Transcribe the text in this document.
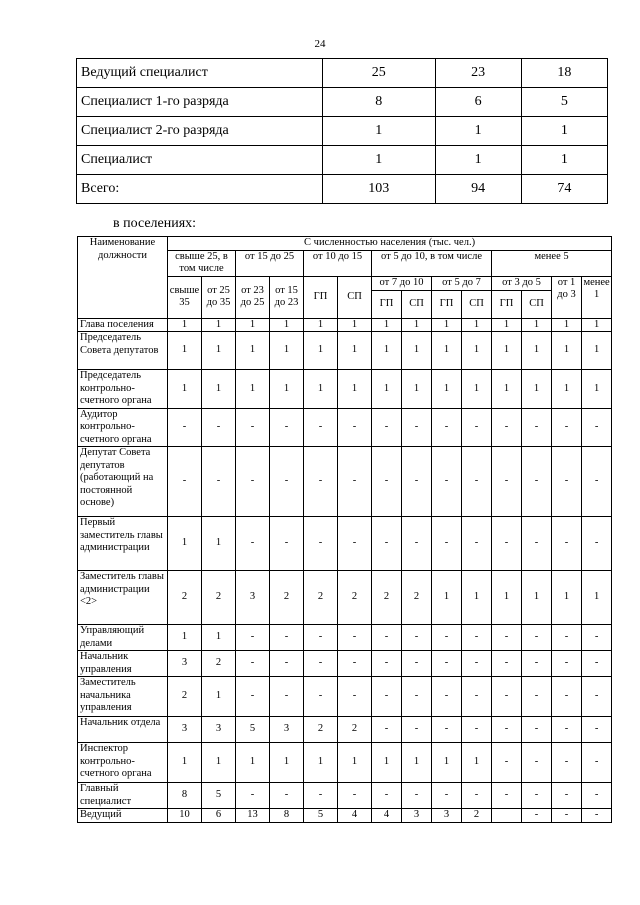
24
Ведущий специалист	25	23	18
Специалист 1-го разряда	8	6	5
Специалист 2-го разряда	1	1	1
Специалист	1	1	1
Всего:	103	94	74
в поселениях:
Наименование должности	С численностью населения (тыс. чел.)													
	свыше 25, в том числе		от 15 до 25		от 10 до 15		от 5 до 10, в том числе				менее 5			
	свыше 35	от 25 до 35	от 23 до 25	от 15 до 23	ГП	СП	от 7 до 10		от 5 до 7		от 3 до 5		от 1 до 3	менее 1
							ГП	СП	ГП	СП	ГП	СП		
Глава поселения	1	1	1	1	1	1	1	1	1	1	1	1	1	1
Председатель Совета депутатов	1	1	1	1	1	1	1	1	1	1	1	1	1	1
Председатель контрольно-счетного органа	1	1	1	1	1	1	1	1	1	1	1	1	1	1
Аудитор контрольно-счетного органа	-	-	-	-	-	-	-	-	-	-	-	-	-	-
Депутат Совета депутатов (работающий на постоянной основе)	-	-	-	-	-	-	-	-	-	-	-	-	-	-
Первый заместитель главы администрации	1	1	-	-	-	-	-	-	-	-	-	-	-	-
Заместитель главы администрации <2>	2	2	3	2	2	2	2	2	1	1	1	1	1	1
Управляющий делами	1	1	-	-	-	-	-	-	-	-	-	-	-	-
Начальник управления	3	2	-	-	-	-	-	-	-	-	-	-	-	-
Заместитель начальника управления	2	1	-	-	-	-	-	-	-	-	-	-	-	-
Начальник отдела	3	3	5	3	2	2	-	-	-	-	-	-	-	-
Инспектор контрольно-счетного органа	1	1	1	1	1	1	1	1	1	1	-	-	-	-
Главный специалист	8	5	-	-	-	-	-	-	-	-	-	-	-	-
Ведущий	10	6	13	8	5	4	4	3	3	2		-	-	-
